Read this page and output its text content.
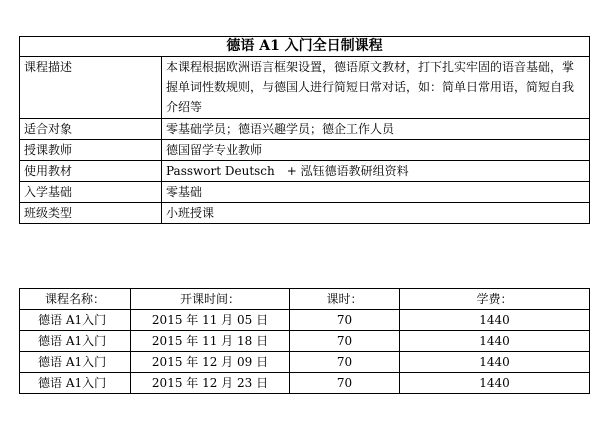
德语 A1 入门全日制课程	
课程描述	本课程根据欧洲语言框架设置，德语原文教材，打下扎实牢固的语音基础，掌握单词性数规则，与德国人进行简短日常对话，如：简单日常用语，简短自我介绍等
适合对象	零基础学员；德语兴趣学员；德企工作人员
授课教师	德国留学专业教师
使用教材	Passwort Deutsch　+ 泓钰德语教研组资料
入学基础	零基础
班级类型	小班授课
课程名称：	开课时间：	课时：	学费：
德语 A1入门	2015 年 11 月 05 日	70	1440
德语 A1入门	2015 年 11 月 18 日	70	1440
德语 A1入门	2015 年 12 月 09 日	70	1440
德语 A1入门	2015 年 12 月 23 日	70	1440
